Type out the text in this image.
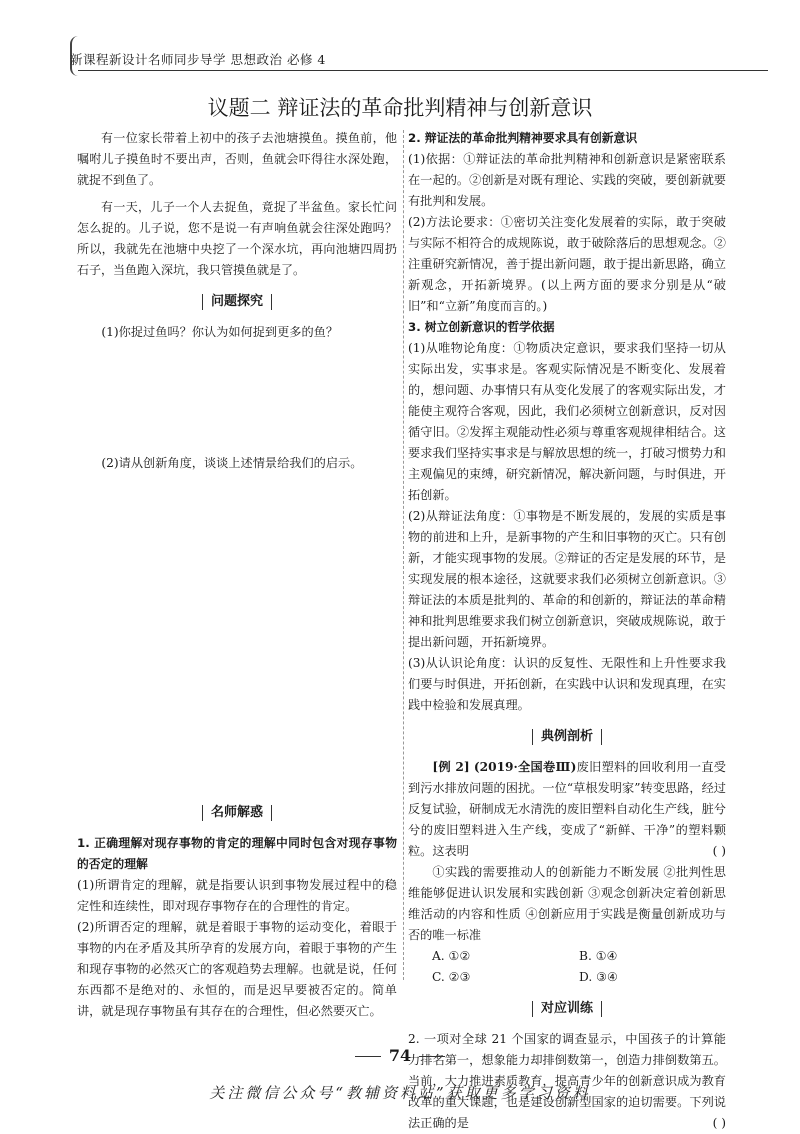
新课程新设计名师同步导学 思想政治 必修 4
议题二 辩证法的革命批判精神与创新意识

有一位家长带着上初中的孩子去池塘摸鱼。摸鱼前，他嘱咐儿子摸鱼时不要出声，否则，鱼就会吓得往水深处跑，就捉不到鱼了。

有一天，儿子一个人去捉鱼，竟捉了半盆鱼。家长忙问怎么捉的。儿子说，您不是说一有声响鱼就会往深处跑吗？所以，我就先在池塘中央挖了一个深水坑，再向池塘四周扔石子，当鱼跑入深坑，我只管摸鱼就是了。

问题探究

(1)你捉过鱼吗？你认为如何捉到更多的鱼？

(2)请从创新角度，谈谈上述情景给我们的启示。

名师解惑

1. 正确理解对现存事物的肯定的理解中同时包含对现存事物的否定的理解

(1)所谓肯定的理解，就是指要认识到事物发展过程中的稳定性和连续性，即对现存事物存在的合理性的肯定。

(2)所谓否定的理解，就是着眼于事物的运动变化，着眼于事物的内在矛盾及其所孕育的发展方向，着眼于事物的产生和现存事物的必然灭亡的客观趋势去理解。也就是说，任何东西都不是绝对的、永恒的，而是迟早要被否定的。简单讲，就是现存事物虽有其存在的合理性，但必然要灭亡。

2. 辩证法的革命批判精神要求具有创新意识

(1)依据：①辩证法的革命批判精神和创新意识是紧密联系在一起的。②创新是对既有理论、实践的突破，要创新就要有批判和发展。

(2)方法论要求：①密切关注变化发展着的实际，敢于突破与实际不相符合的成规陈说，敢于破除落后的思想观念。②注重研究新情况，善于提出新问题，敢于提出新思路，确立新观念，开拓新境界。(以上两方面的要求分别是从“破旧”和“立新”角度而言的。)

3. 树立创新意识的哲学依据

(1)从唯物论角度：①物质决定意识，要求我们坚持一切从实际出发，实事求是。客观实际情况是不断变化、发展着的，想问题、办事情只有从变化发展了的客观实际出发，才能使主观符合客观，因此，我们必须树立创新意识，反对因循守旧。②发挥主观能动性必须与尊重客观规律相结合。这要求我们坚持实事求是与解放思想的统一，打破习惯势力和主观偏见的束缚，研究新情况，解决新问题，与时俱进，开拓创新。

(2)从辩证法角度：①事物是不断发展的，发展的实质是事物的前进和上升，是新事物的产生和旧事物的灭亡。只有创新，才能实现事物的发展。②辩证的否定是发展的环节，是实现发展的根本途径，这就要求我们必须树立创新意识。③辩证法的本质是批判的、革命的和创新的，辩证法的革命精神和批判思维要求我们树立创新意识，突破成规陈说，敢于提出新问题，开拓新境界。

(3)从认识论角度：认识的反复性、无限性和上升性要求我们要与时俱进，开拓创新，在实践中认识和发现真理，在实践中检验和发展真理。

典例剖析

[例 2] (2019·全国卷Ⅲ)废旧塑料的回收利用一直受到污水排放问题的困扰。一位“草根发明家”转变思路，经过反复试验，研制成无水清洗的废旧塑料自动化生产线，脏兮兮的废旧塑料进入生产线，变成了“新鲜、干净”的塑料颗粒。这表明	( )

①实践的需要推动人的创新能力不断发展 ②批判性思维能够促进认识发展和实践创新 ③观念创新决定着创新思维活动的内容和性质 ④创新应用于实践是衡量创新成功与否的唯一标准

A. ①②	B. ①④
C. ②③	D. ③④
对应训练

2. 一项对全球 21 个国家的调查显示，中国孩子的计算能力排名第一，想象能力却排倒数第一，创造力排倒数第五。当前，大力推进素质教育，提高青少年的创新意识成为教育改革的重大课题，也是建设创新型国家的迫切需要。下列说法正确的是	( )

74
关注微信公众号“教辅资料站”获取更多学习资料
